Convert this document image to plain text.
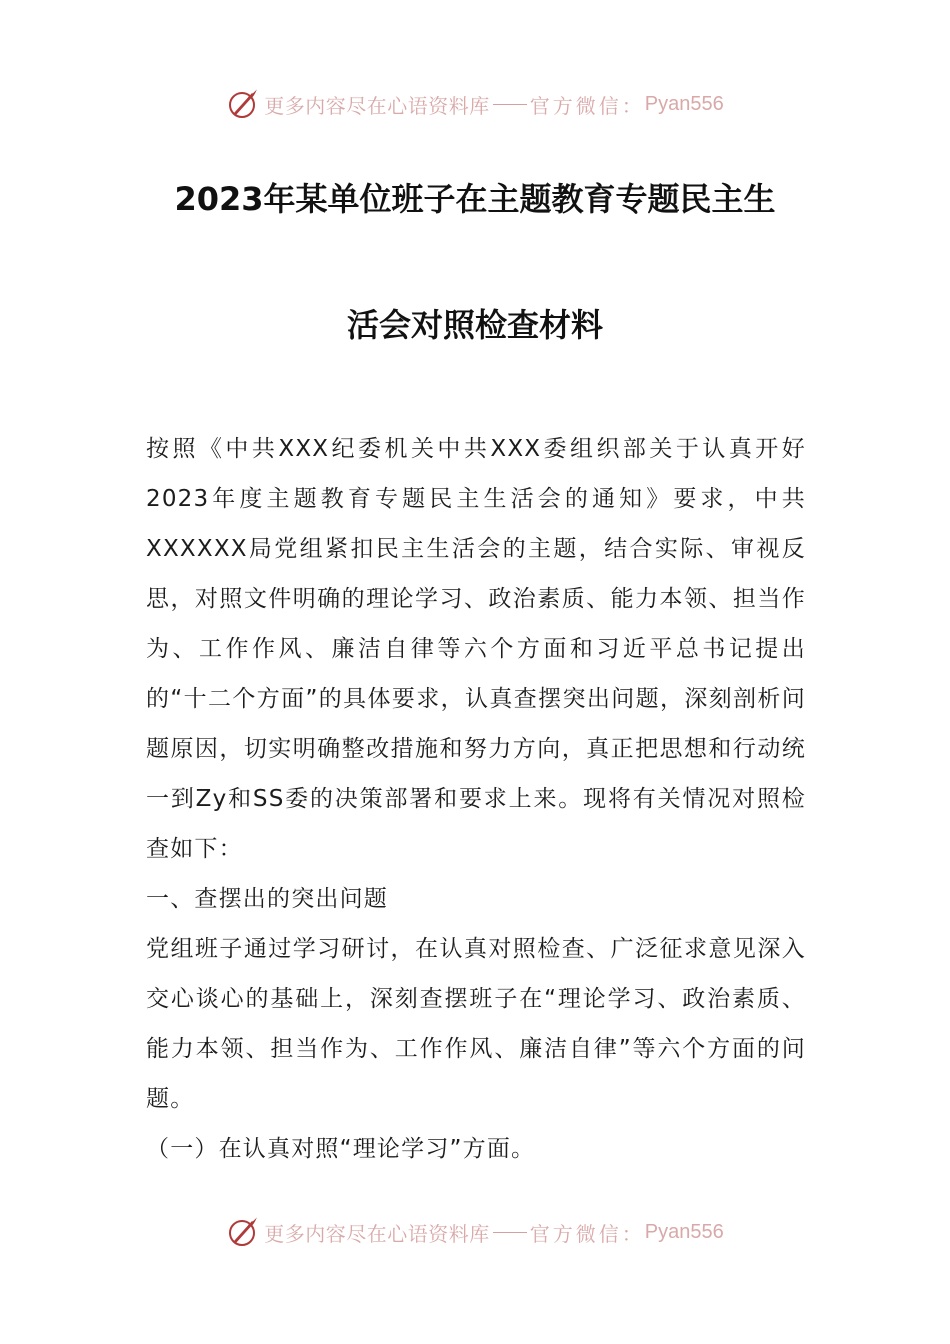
更多内容尽在心语资料库 官方微信： Pyan556
2023年某单位班子在主题教育专题民主生
活会对照检查材料

按照《中共XXX纪委机关中共XXX委组织部关于认真开好2023年度主题教育专题民主生活会的通知》要求，中共XXXXXX局党组紧扣民主生活会的主题，结合实际、审视反思，对照文件明确的理论学习、政治素质、能力本领、担当作为、工作作风、廉洁自律等六个方面和习近平总书记提出的“十二个方面”的具体要求，认真查摆突出问题，深刻剖析问题原因，切实明确整改措施和努力方向，真正把思想和行动统一到Zy和SS委的决策部署和要求上来。现将有关情况对照检查如下：

一、查摆出的突出问题

党组班子通过学习研讨，在认真对照检查、广泛征求意见深入交心谈心的基础上，深刻查摆班子在“理论学习、政治素质、能力本领、担当作为、工作作风、廉洁自律”等六个方面的问题。

（一）在认真对照“理论学习”方面。

更多内容尽在心语资料库 官方微信： Pyan556
